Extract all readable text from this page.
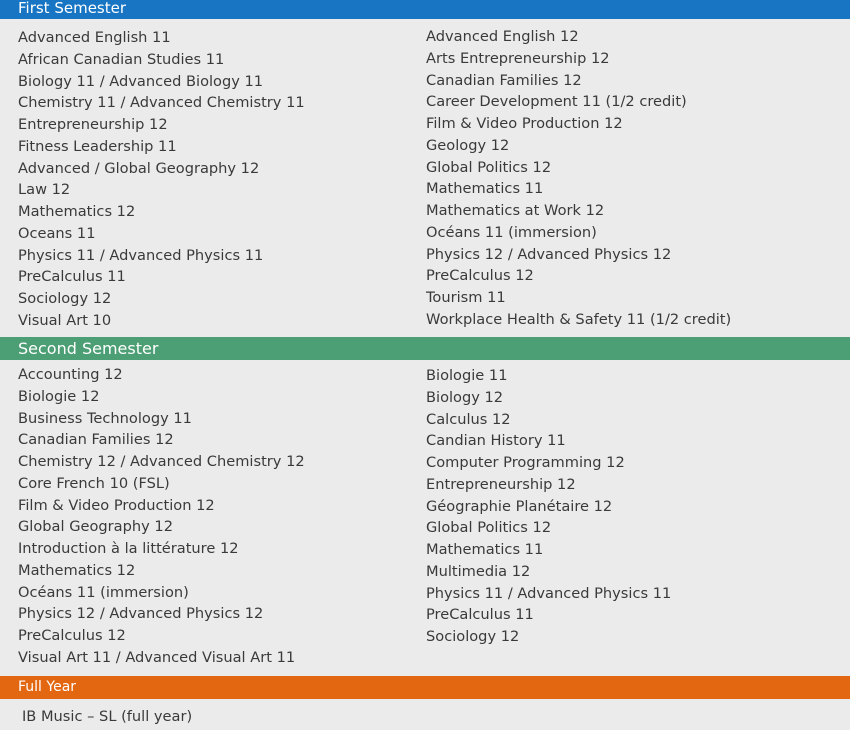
First Semester
Advanced English 11
African Canadian Studies 11
Biology 11 / Advanced Biology 11
Chemistry 11 / Advanced Chemistry 11
Entrepreneurship 12
Fitness Leadership 11
Advanced / Global Geography 12
Law 12
Mathematics 12
Oceans 11
Physics 11 / Advanced Physics 11
PreCalculus 11
Sociology 12
Visual Art 10
Advanced English 12
Arts Entrepreneurship 12
Canadian Families 12
Career Development 11 (1/2 credit)
Film & Video Production 12
Geology 12
Global Politics 12
Mathematics 11
Mathematics at Work 12
Océans 11 (immersion)
Physics 12 / Advanced Physics 12
PreCalculus 12
Tourism 11
Workplace Health & Safety 11 (1/2 credit)
Second Semester
Accounting 12
Biologie 12
Business Technology 11
Canadian Families 12
Chemistry 12 / Advanced Chemistry 12
Core French 10 (FSL)
Film & Video Production 12
Global Geography 12
Introduction à la littérature 12
Mathematics 12
Océans 11 (immersion)
Physics 12 / Advanced Physics 12
PreCalculus 12
Visual Art 11 / Advanced Visual Art 11
Biologie 11
Biology 12
Calculus 12
Candian History 11
Computer Programming 12
Entrepreneurship 12
Géographie Planétaire 12
Global Politics 12
Mathematics 11
Multimedia 12
Physics 11 / Advanced Physics 11
PreCalculus 11
Sociology 12
Full Year
IB Music – SL (full year)
